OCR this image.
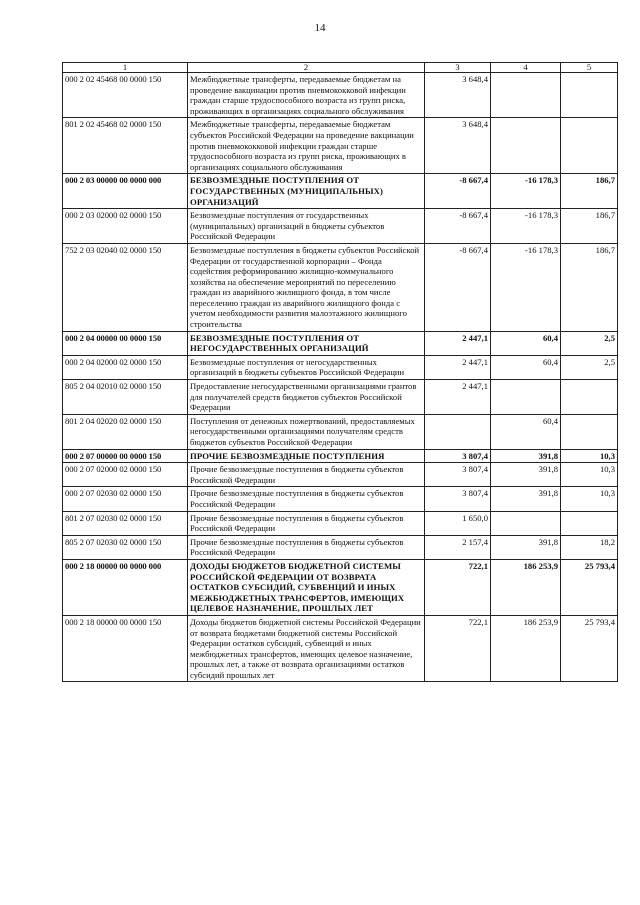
14
1	2	3	4	5
000 2 02 45468 00 0000 150	Межбюджетные трансферты, передаваемые бюджетам на проведение вакцинации против пневмококковой инфекции граждан старше трудоспособного возраста из групп риска, проживающих в организациях социального обслуживания	3 648,4		
801 2 02 45468 02 0000 150	Межбюджетные трансферты, передаваемые бюджетам субъектов Российской Федерации на проведение вакцинации против пневмококковой инфекции граждан старше трудоспособного возраста из групп риска, проживающих в организациях социального обслуживания	3 648,4		
000 2 03 00000 00 0000 000	БЕЗВОЗМЕЗДНЫЕ ПОСТУПЛЕНИЯ ОТ ГОСУДАРСТВЕННЫХ (МУНИЦИПАЛЬНЫХ) ОРГАНИЗАЦИЙ	-8 667,4	-16 178,3	186,7
000 2 03 02000 02 0000 150	Безвозмездные поступления от государственных (муниципальных) организаций в бюджеты субъектов Российской Федерации	-8 667,4	-16 178,3	186,7
752 2 03 02040 02 0000 150	Безвозмездные поступления в бюджеты субъектов Российской Федерации от государственной корпорации – Фонда содействия реформированию жилищно-коммунального хозяйства на обеспечение мероприятий по переселению граждан из аварийного жилищного фонда, в том числе переселению граждан из аварийного жилищного фонда с учетом необходимости развития малоэтажного жилищного строительства	-8 667,4	-16 178,3	186,7
000 2 04 00000 00 0000 150	БЕЗВОЗМЕЗДНЫЕ ПОСТУПЛЕНИЯ ОТ НЕГОСУДАРСТВЕННЫХ ОРГАНИЗАЦИЙ	2 447,1	60,4	2,5
000 2 04 02000 02 0000 150	Безвозмездные поступления от негосударственных организаций в бюджеты субъектов Российской Федерации	2 447,1	60,4	2,5
805 2 04 02010 02 0000 150	Предоставление негосударственными организациями грантов для получателей средств бюджетов субъектов Российской Федерации	2 447,1		
801 2 04 02020 02 0000 150	Поступления от денежных пожертвований, предоставляемых негосударственными организациями получателям средств бюджетов субъектов Российской Федерации		60,4	
000 2 07 00000 00 0000 150	ПРОЧИЕ БЕЗВОЗМЕЗДНЫЕ ПОСТУПЛЕНИЯ	3 807,4	391,8	10,3
000 2 07 02000 02 0000 150	Прочие безвозмездные поступления в бюджеты субъектов Российской Федерации	3 807,4	391,8	10,3
000 2 07 02030 02 0000 150	Прочие безвозмездные поступления в бюджеты субъектов Российской Федерации	3 807,4	391,8	10,3
801 2 07 02030 02 0000 150	Прочие безвозмездные поступления в бюджеты субъектов Российской Федерации	1 650,0		
805 2 07 02030 02 0000 150	Прочие безвозмездные поступления в бюджеты субъектов Российской Федерации	2 157,4	391,8	18,2
000 2 18 00000 00 0000 000	ДОХОДЫ БЮДЖЕТОВ БЮДЖЕТНОЙ СИСТЕМЫ РОССИЙСКОЙ ФЕДЕРАЦИИ ОТ ВОЗВРАТА ОСТАТКОВ СУБСИДИЙ, СУБВЕНЦИЙ И ИНЫХ МЕЖБЮДЖЕТНЫХ ТРАНСФЕРТОВ, ИМЕЮЩИХ ЦЕЛЕВОЕ НАЗНАЧЕНИЕ, ПРОШЛЫХ ЛЕТ	722,1	186 253,9	25 793,4
000 2 18 00000 00 0000 150	Доходы бюджетов бюджетной системы Российской Федерации от возврата бюджетами бюджетной системы Российской Федерации остатков субсидий, субвенций и иных межбюджетных трансфертов, имеющих целевое назначение, прошлых лет, а также от возврата организациями остатков субсидий прошлых лет	722,1	186 253,9	25 793,4
